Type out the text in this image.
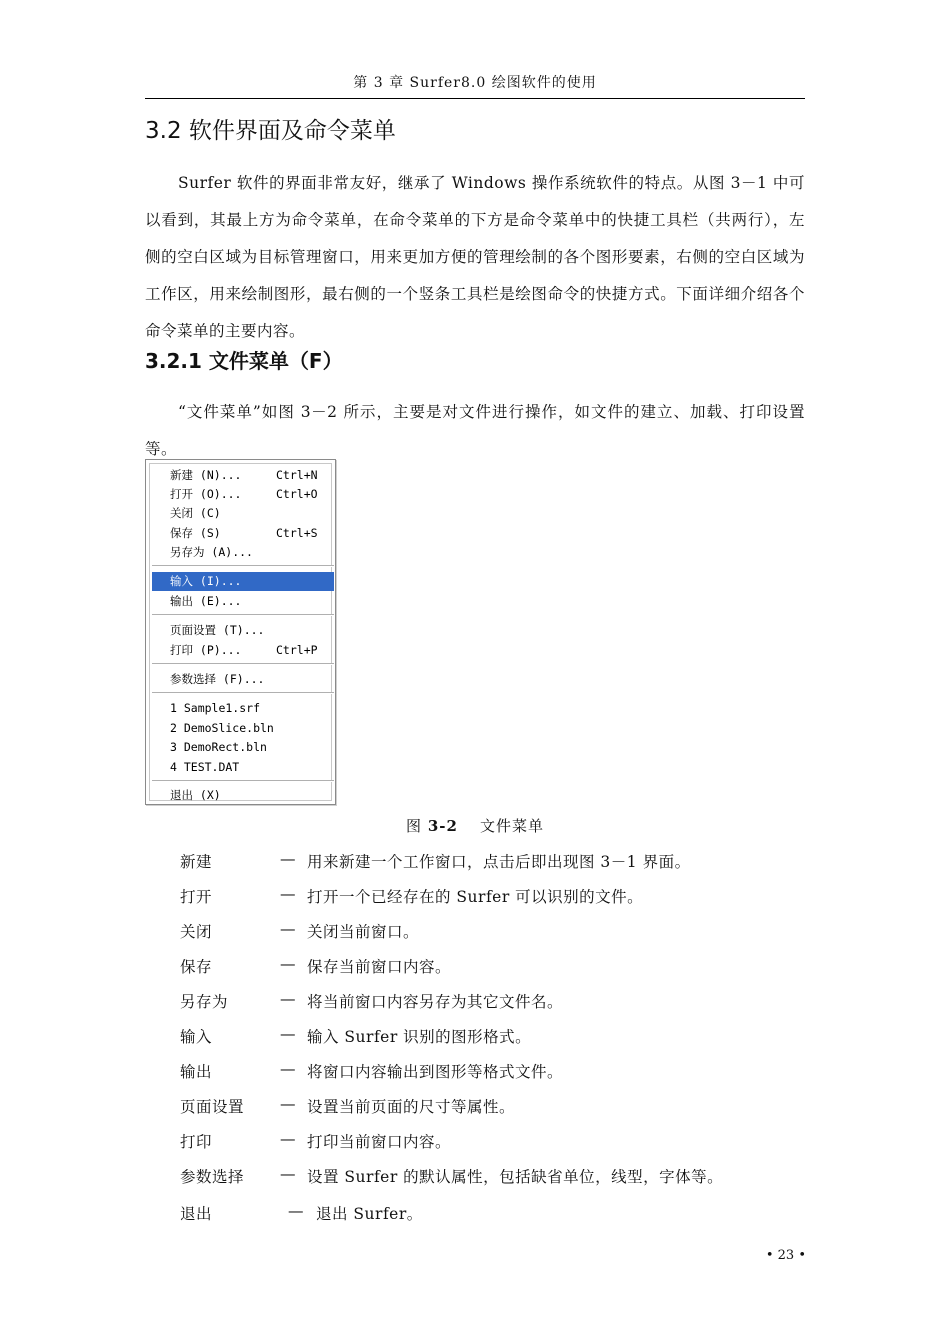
第 3 章 Surfer8.0 绘图软件的使用
3.2 软件界面及命令菜单
Surfer 软件的界面非常友好，继承了 Windows 操作系统软件的特点。从图 3－1 中可以看到，其最上方为命令菜单，在命令菜单的下方是命令菜单中的快捷工具栏（共两行），左侧的空白区域为目标管理窗口，用来更加方便的管理绘制的各个图形要素，右侧的空白区域为工作区，用来绘制图形，最右侧的一个竖条工具栏是绘图命令的快捷方式。下面详细介绍各个命令菜单的主要内容。
3.2.1 文件菜单（F）
“文件菜单”如图 3－2 所示，主要是对文件进行操作，如文件的建立、加载、打印设置等。
新建 (N)...	Ctrl+N
打开 (O)...	Ctrl+O
关闭 (C)
保存 (S)	Ctrl+S
另存为 (A)...
输入 (I)...
输出 (E)...
页面设置 (T)...
打印 (P)...	Ctrl+P
参数选择 (F)...
1 Sample1.srf
2 DemoSlice.bln
3 DemoRect.bln
4 TEST.DAT
退出 (X)
图 3-2 文件菜单
新建	— 用来新建一个工作窗口，点击后即出现图 3－1 界面。
打开	— 打开一个已经存在的 Surfer 可以识别的文件。
关闭	— 关闭当前窗口。
保存	— 保存当前窗口内容。
另存为	— 将当前窗口内容另存为其它文件名。
输入	— 输入 Surfer 识别的图形格式。
输出	— 将窗口内容输出到图形等格式文件。
页面设置 — 设置当前页面的尺寸等属性。
打印	— 打印当前窗口内容。
参数选择 — 设置 Surfer 的默认属性，包括缺省单位，线型，字体等。
退出	— 退出 Surfer。
• 23 •
